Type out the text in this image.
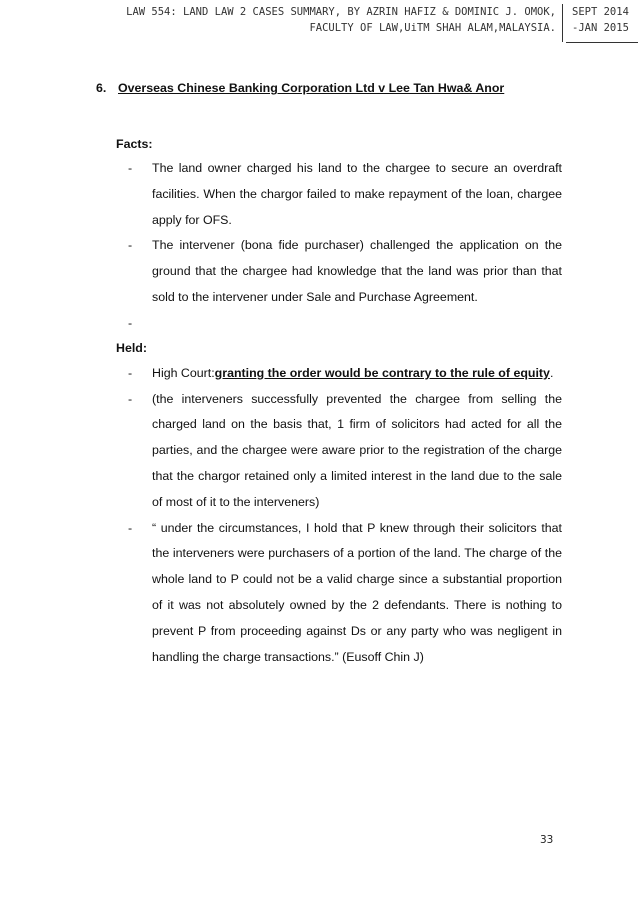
LAW 554: LAND LAW 2 CASES SUMMARY, BY AZRIN HAFIZ & DOMINIC J. OMOK,
FACULTY OF LAW,UiTM SHAH ALAM,MALAYSIA.
SEPT 2014
-JAN 2015
6. Overseas Chinese Banking Corporation Ltd v Lee Tan Hwa& Anor
Facts:
-	The land owner charged his land to the chargee to secure an overdraft facilities. When the chargor failed to make repayment of the loan, chargee apply for OFS.
-	The intervener (bona fide purchaser) challenged the application on the ground that the chargee had knowledge that the land was prior than that sold to the intervener under Sale and Purchase Agreement.
-
Held:
-	High Court:granting the order would be contrary to the rule of equity.
-	(the interveners successfully prevented the chargee from selling the charged land on the basis that, 1 firm of solicitors had acted for all the parties, and the chargee were aware prior to the registration of the charge that the chargor retained only a limited interest in the land due to the sale of most of it to the interveners)
-	“ under the circumstances, I hold that P knew through their solicitors that the interveners were purchasers of a portion of the land. The charge of the whole land to P could not be a valid charge since a substantial proportion of it was not absolutely owned by the 2 defendants. There is nothing to prevent P from proceeding against Ds or any party who was negligent in handling the charge transactions.” (Eusoff Chin J)
33
